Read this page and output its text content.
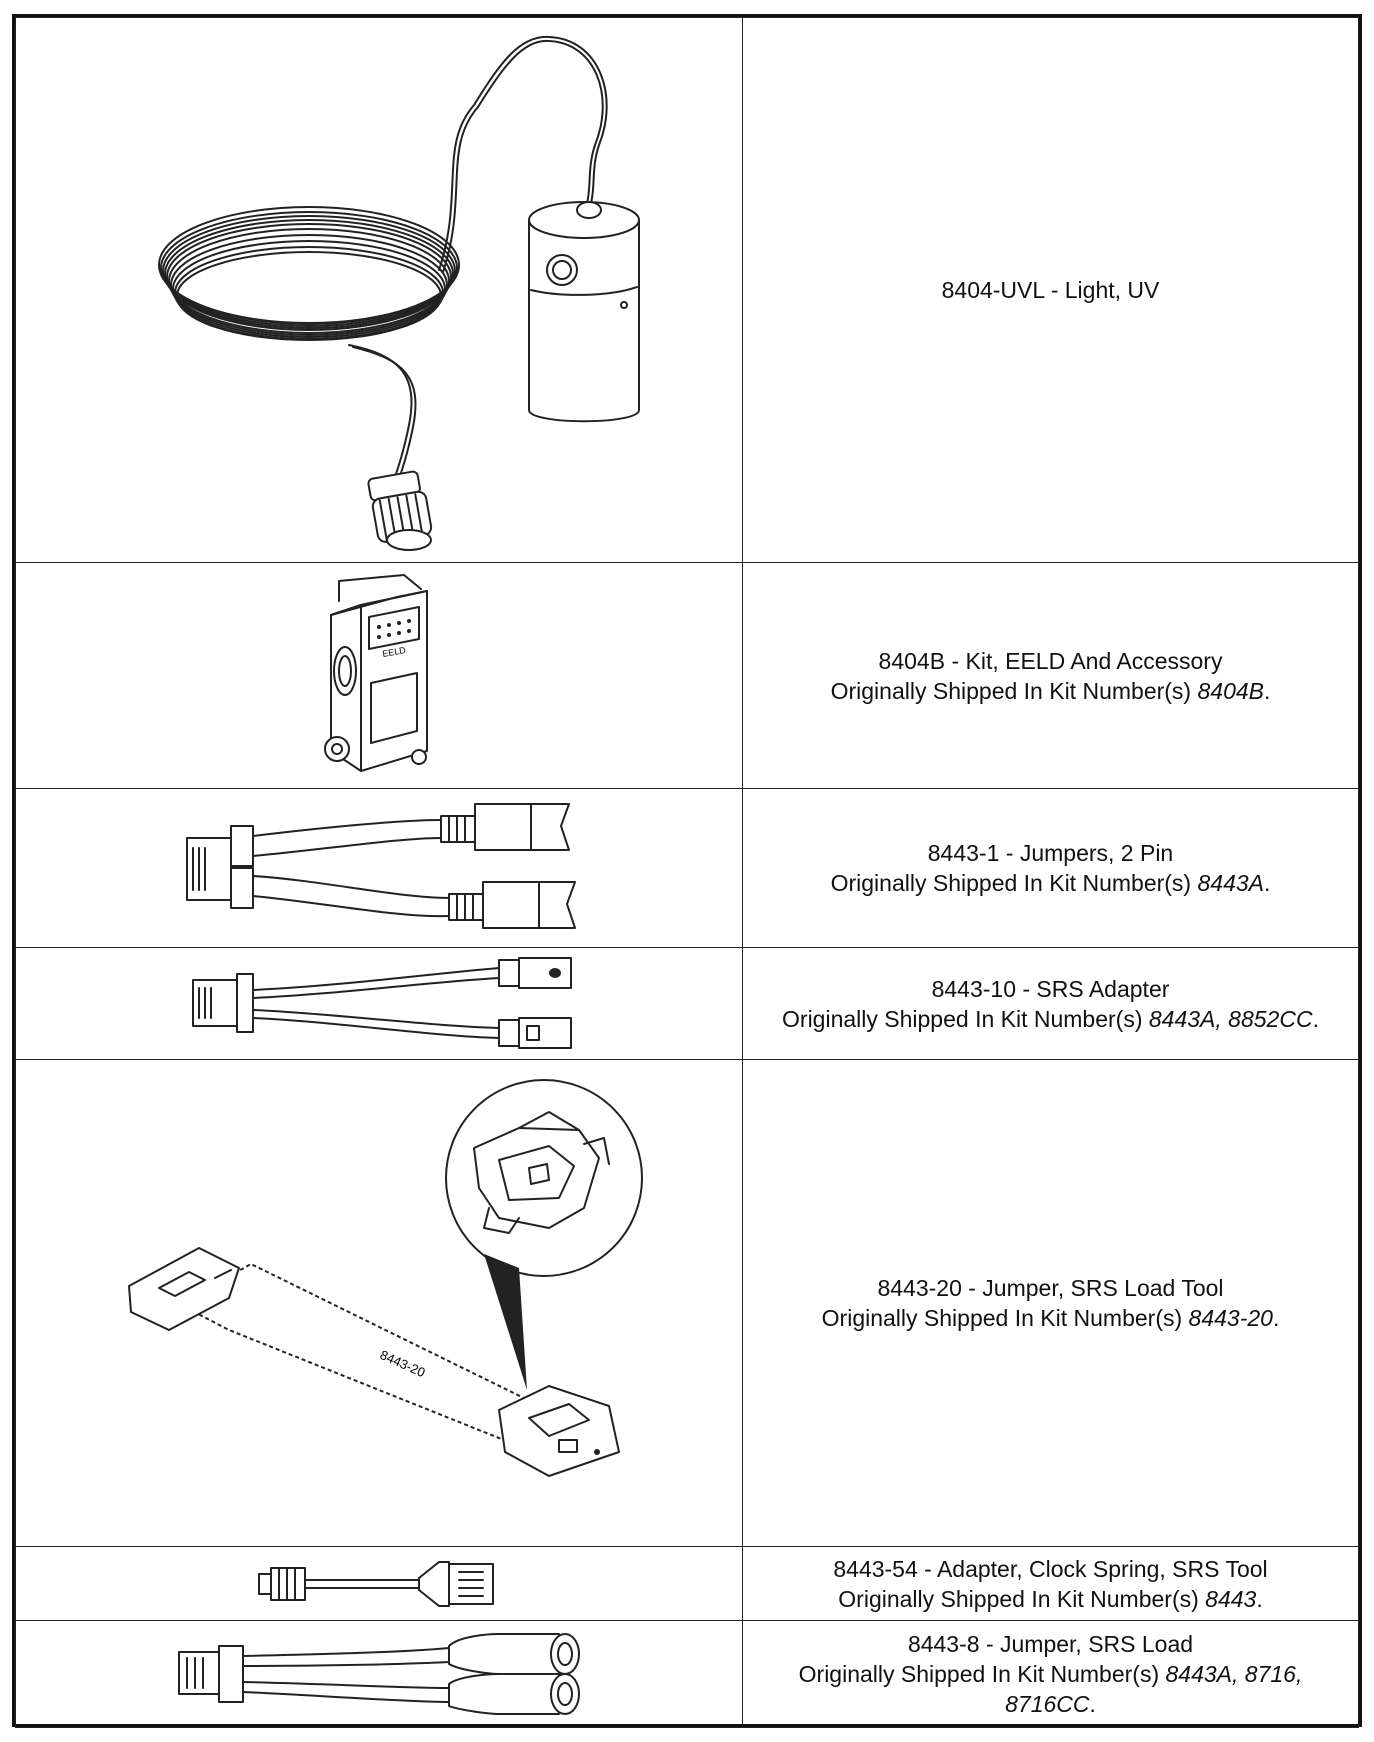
8404-UVL - Light, UV

EELD	8404B - Kit, EELD And Accessory
Originally Shipped In Kit Number(s) 8404B.

8443-1 - Jumpers, 2 Pin
Originally Shipped In Kit Number(s) 8443A.

8443-10 - SRS Adapter
Originally Shipped In Kit Number(s) 8443A, 8852CC.

8443-20	8443-20 - Jumper, SRS Load Tool
Originally Shipped In Kit Number(s) 8443-20.

8443-54 - Adapter, Clock Spring, SRS Tool
Originally Shipped In Kit Number(s) 8443.

8443-8 - Jumper, SRS Load
Originally Shipped In Kit Number(s) 8443A, 8716,
8716CC.
